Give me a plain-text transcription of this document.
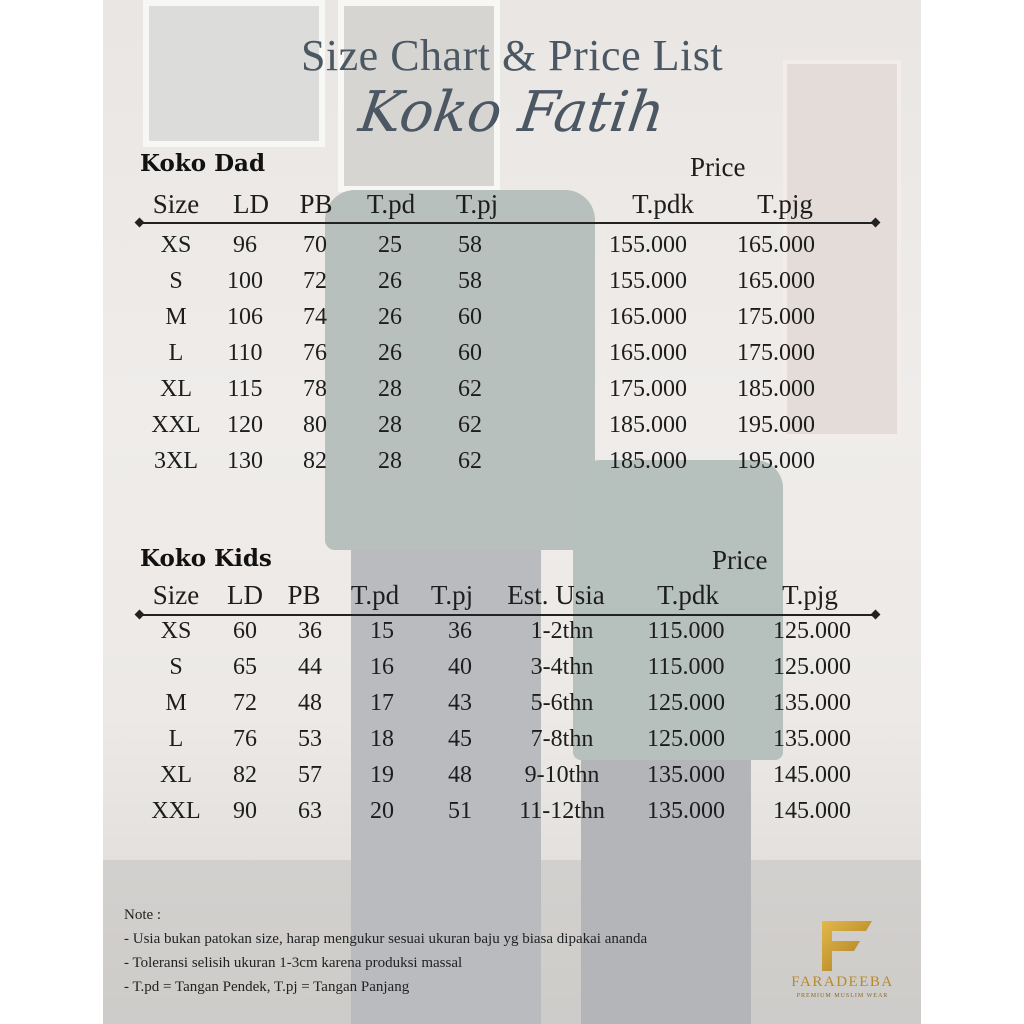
Size Chart & Price List
Koko Fatih
Koko Dad	Price
Size LD PB T.pd T.pj	T.pdk T.pjg
XS 96 70 25 58	155.000 165.000
S 100 72 26 58	155.000 165.000
M 106 74 26 60	165.000 175.000
L 110 76 26 60	165.000 175.000
XL 115 78 28 62	175.000 185.000
XXL 120 80 28 62	185.000 195.000
3XL 130 82 28 62	185.000 195.000
Koko Kids	Price
Size LD PB T.pd T.pj Est. Usia T.pdk T.pjg
XS 60 36 15 36 1-2thn 115.000 125.000
S 65 44 16 40 3-4thn 115.000 125.000
M 72 48 17 43 5-6thn 125.000 135.000
L 76 53 18 45 7-8thn 125.000 135.000
XL 82 57 19 48 9-10thn 135.000 145.000
XXL 90 63 20 51 11-12thn 135.000 145.000
Note :
- Usia bukan patokan size, harap mengukur sesuai ukuran baju yg biasa dipakai ananda
- Toleransi selisih ukuran 1-3cm karena produksi massal
- T.pd = Tangan Pendek, T.pj = Tangan Panjang	FARADEEBA
PREMIUM MUSLIM WEAR
